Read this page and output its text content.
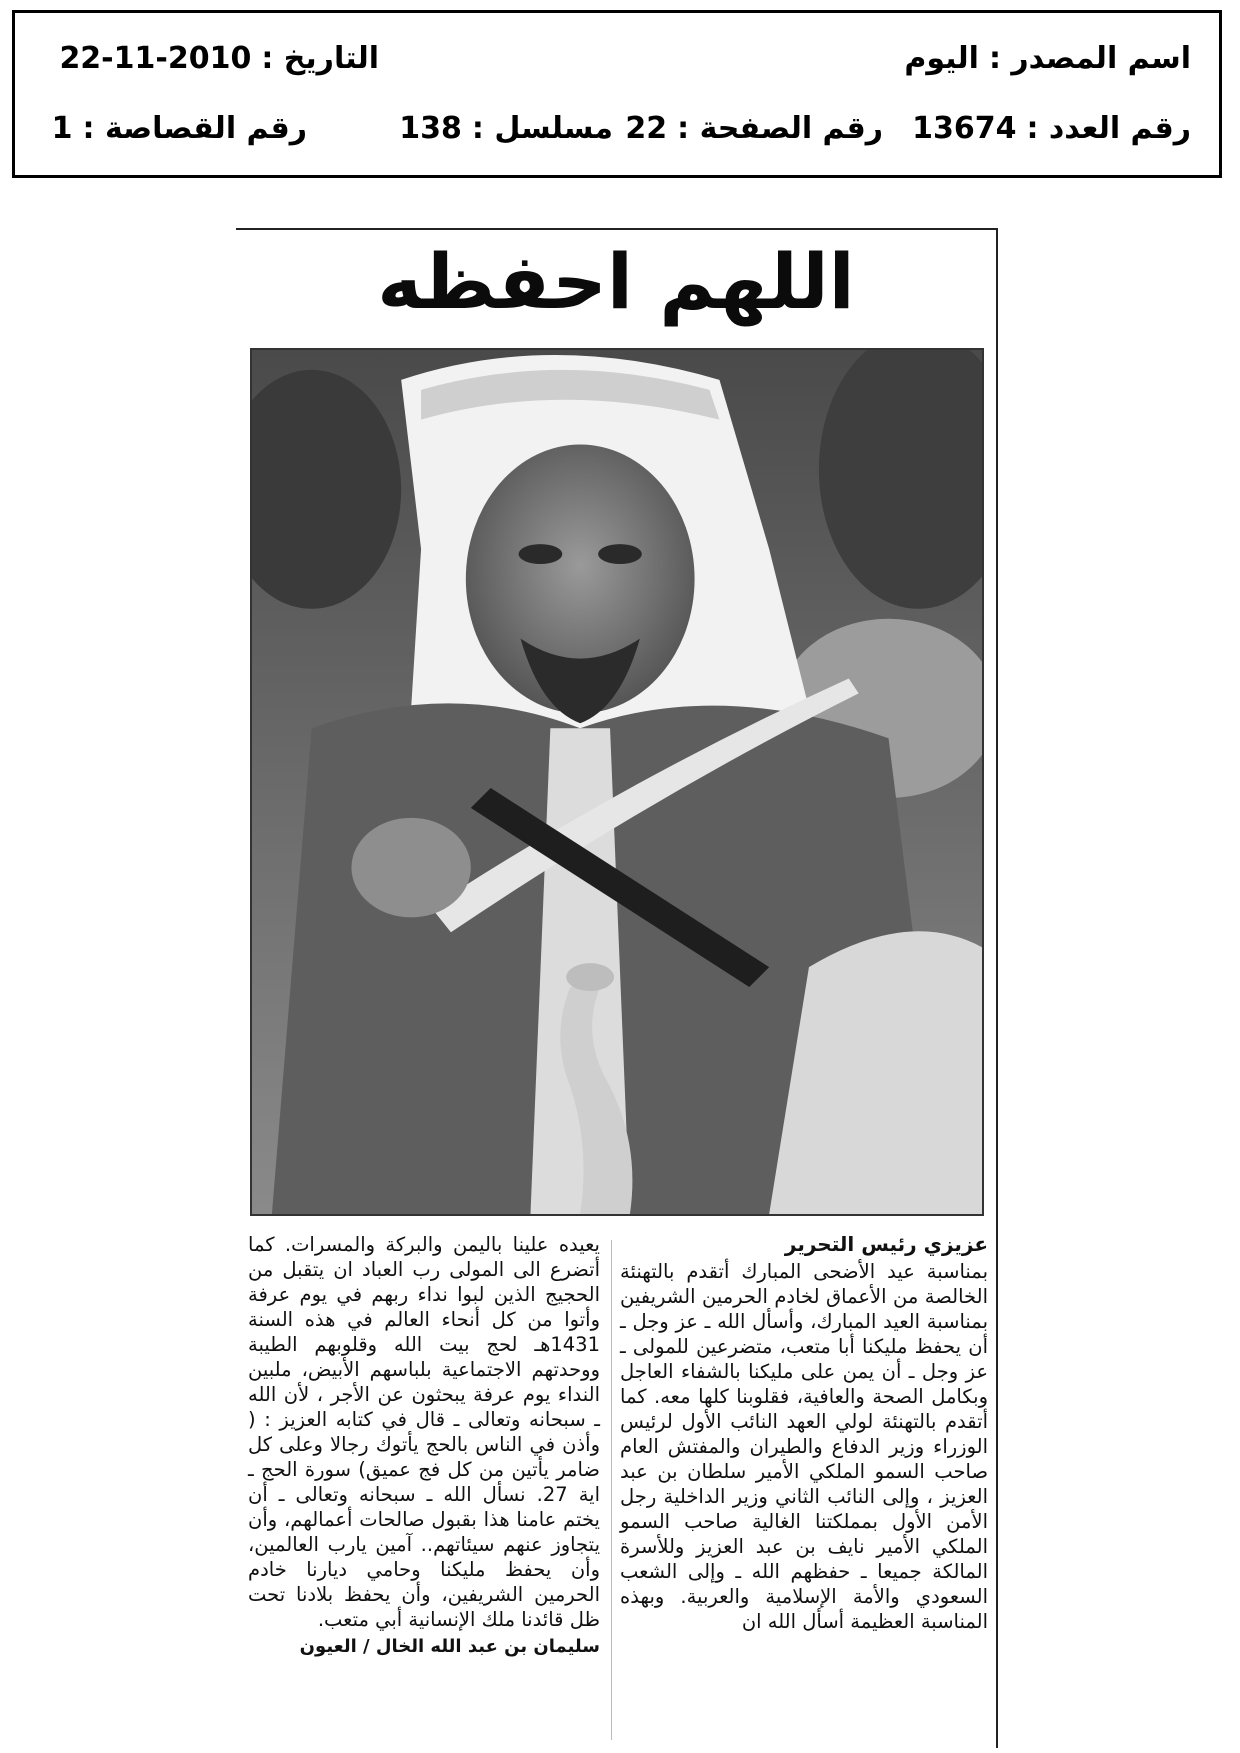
اسم المصدر :اليوم
التاريخ :22-11-2010
رقم العدد :13674
رقم الصفحة :22
مسلسل :138
رقم القصاصة :1
اللهم احفظه
عزيزي رئيس التحرير

بمناسبة عيد الأضحى المبارك أتقدم بالتهنئة الخالصة من الأعماق لخادم الحرمين الشريفين بمناسبة العيد المبارك، وأسأل الله ـ عز وجل ـ أن يحفظ مليكنا أبا متعب، متضرعين للمولى ـ عز وجل ـ أن يمن على مليكنا بالشفاء العاجل وبكامل الصحة والعافية، فقلوبنا كلها معه. كما أتقدم بالتهنئة لولي العهد النائب الأول لرئيس الوزراء وزير الدفاع والطيران والمفتش العام صاحب السمو الملكي الأمير سلطان بن عبد العزيز ، وإلى النائب الثاني وزير الداخلية رجل الأمن الأول بمملكتنا الغالية صاحب السمو الملكي الأمير نايف بن عبد العزيز وللأسرة المالكة جميعا ـ حفظهم الله ـ وإلى الشعب السعودي والأمة الإسلامية والعربية. وبهذه المناسبة العظيمة أسأل الله ان

يعيده علينا باليمن والبركة والمسرات. كما أتضرع الى المولى رب العباد ان يتقبل من الحجيج الذين لبوا نداء ربهم في يوم عرفة وأتوا من كل أنحاء العالم في هذه السنة 1431هـ لحج بيت الله وقلوبهم الطيبة ووحدتهم الاجتماعية بلباسهم الأبيض، ملبين النداء يوم عرفة يبحثون عن الأجر ، لأن الله ـ سبحانه وتعالى ـ قال في كتابه العزيز : ( وأذن في الناس بالحج يأتوك رجالا وعلى كل ضامر يأتين من كل فج عميق) سورة الحج ـ اية 27. نسأل الله ـ سبحانه وتعالى ـ أن يختم عامنا هذا بقبول صالحات أعمالهم، وأن يتجاوز عنهم سيئاتهم.. آمين يارب العالمين، وأن يحفظ مليكنا وحامي ديارنا خادم الحرمين الشريفين، وأن يحفظ بلادنا تحت ظل قائدنا ملك الإنسانية أبي متعب.

سليمان بن عبد الله الخال / العيون
